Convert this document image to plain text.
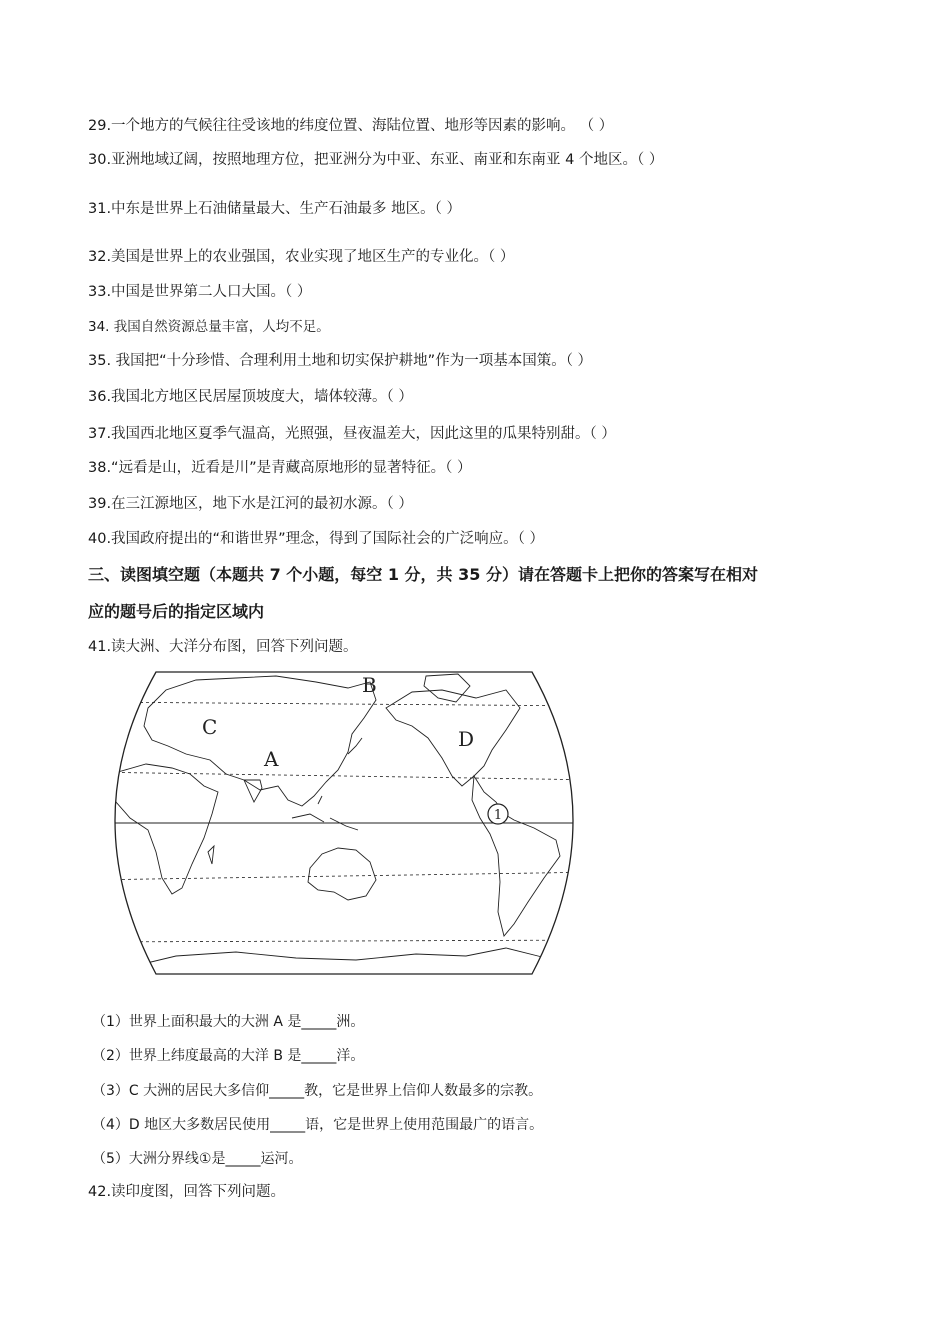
29.一个地方的气候往往受该地的纬度位置、海陆位置、地形等因素的影响。 （ ）
30.亚洲地域辽阔，按照地理方位，把亚洲分为中亚、东亚、南亚和东南亚 4 个地区。（ ）
31.中东是世界上石油储量最大、生产石油最多 地区。（ ）
32.美国是世界上的农业强国，农业实现了地区生产的专业化。（ ）
33.中国是世界第二人口大国。（ ）
34. 我国自然资源总量丰富，人均不足。
35. 我国把“十分珍惜、合理利用土地和切实保护耕地”作为一项基本国策。（ ）
36.我国北方地区民居屋顶坡度大，墙体较薄。（ ）
37.我国西北地区夏季气温高，光照强，昼夜温差大，因此这里的瓜果特别甜。（ ）
38.“远看是山，近看是川”是青藏高原地形的显著特征。（ ）
39.在三江源地区，地下水是江河的最初水源。（ ）
40.我国政府提出的“和谐世界”理念，得到了国际社会的广泛响应。（ ）
三、读图填空题（本题共 7 个小题，每空 1 分，共 35 分）请在答题卡上把你的答案写在相对
应的题号后的指定区域内
41.读大洲、大洋分布图，回答下列问题。
A
B
C	D
1
（1）世界上面积最大的大洲 A 是_____洲。
（2）世界上纬度最高的大洋 B 是_____洋。
（3）C 大洲的居民大多信仰_____教，它是世界上信仰人数最多的宗教。
（4）D 地区大多数居民使用_____语，它是世界上使用范围最广的语言。
（5）大洲分界线①是_____运河。
42.读印度图，回答下列问题。
